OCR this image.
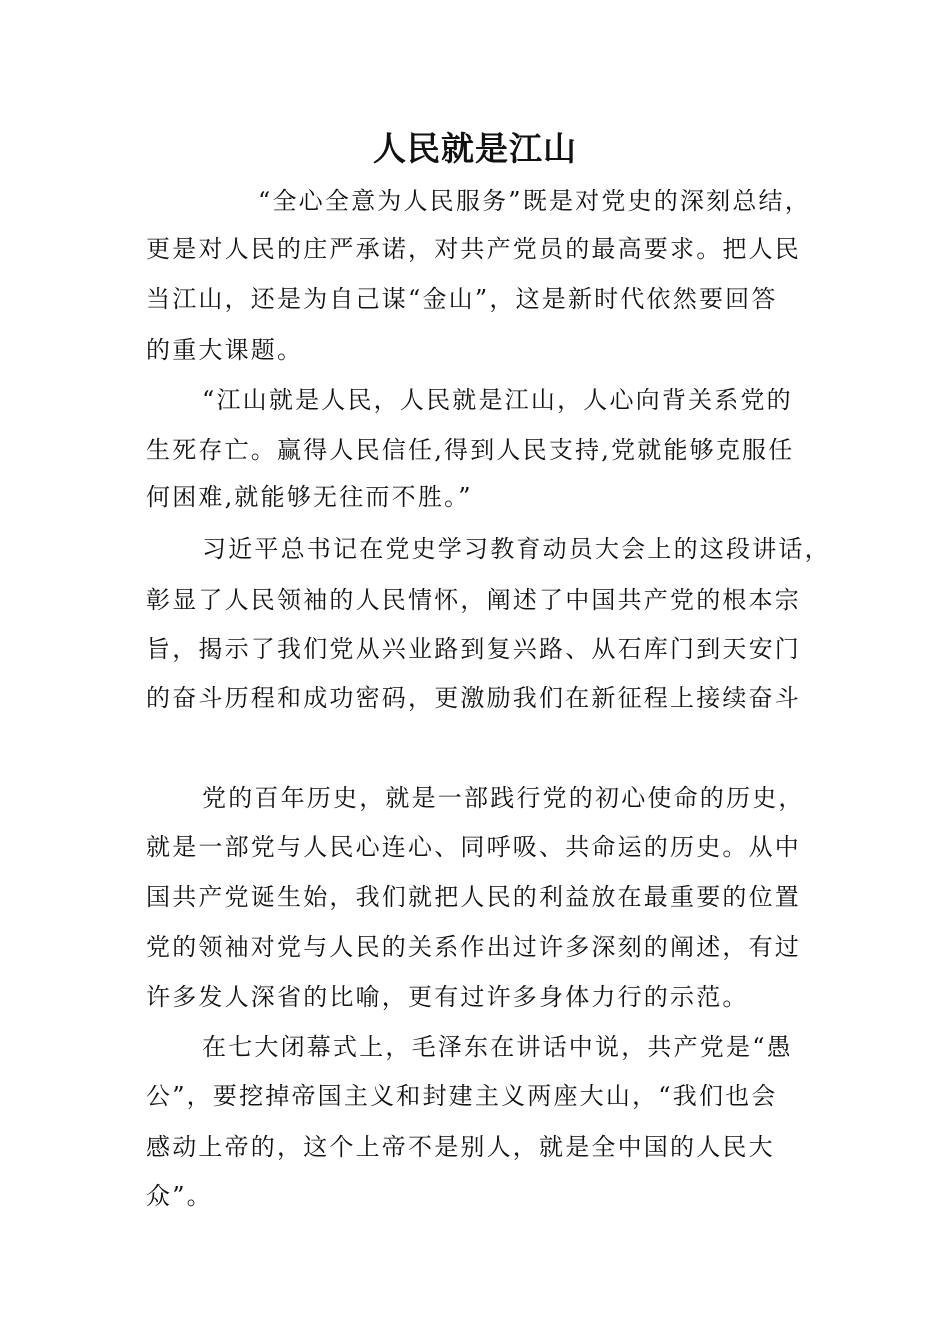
人民就是江山
“全心全意为人民服务”既是对党史的深刻总结，
更是对人民的庄严承诺，对共产党员的最高要求。把人民
当江山，还是为自己谋“金山”，这是新时代依然要回答
的重大课题。
“江山就是人民，人民就是江山，人心向背关系党的
生死存亡。赢得人民信任,得到人民支持,党就能够克服任
何困难,就能够无往而不胜。”
习近平总书记在党史学习教育动员大会上的这段讲话，
彰显了人民领袖的人民情怀，阐述了中国共产党的根本宗
旨，揭示了我们党从兴业路到复兴路、从石库门到天安门
的奋斗历程和成功密码，更激励我们在新征程上接续奋斗
党的百年历史，就是一部践行党的初心使命的历史，
就是一部党与人民心连心、同呼吸、共命运的历史。从中
国共产党诞生始，我们就把人民的利益放在最重要的位置
党的领袖对党与人民的关系作出过许多深刻的阐述，有过
许多发人深省的比喻，更有过许多身体力行的示范。
在七大闭幕式上，毛泽东在讲话中说，共产党是“愚
公”，要挖掉帝国主义和封建主义两座大山，“我们也会
感动上帝的，这个上帝不是别人，就是全中国的人民大
众”。
